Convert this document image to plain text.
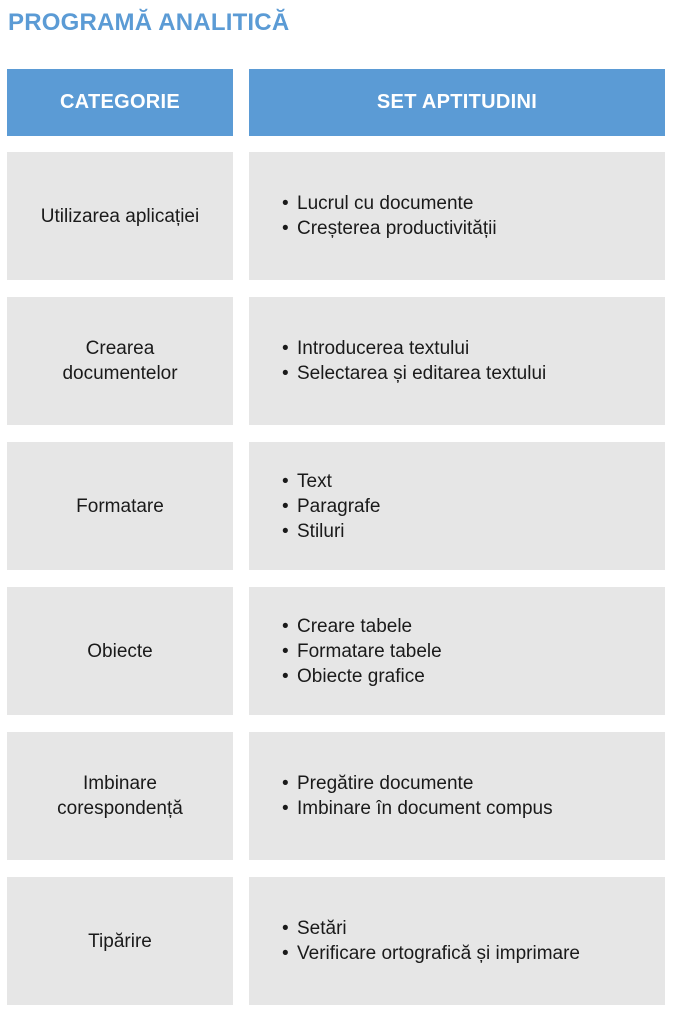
PROGRAMĂ ANALITICĂ
CATEGORIE	SET APTITUDINI
Utilizarea aplicației
• Lucrul cu documente
• Creșterea productivității
Crearea documentelor
• Introducerea textului
• Selectarea și editarea textului
Formatare
• Text
• Paragrafe
• Stiluri
Obiecte
• Creare tabele
• Formatare tabele
• Obiecte grafice
Imbinare corespondență
• Pregătire documente
• Imbinare în document compus
Tipărire
• Setări
• Verificare ortografică și imprimare
